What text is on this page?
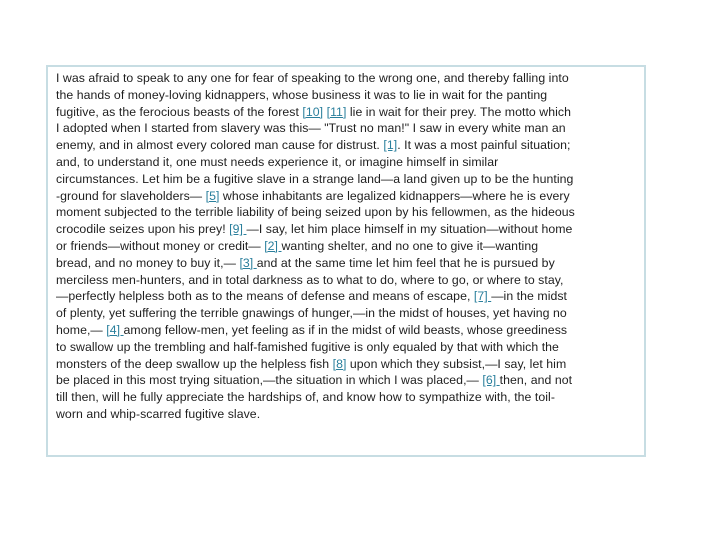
I was afraid to speak to any one for fear of speaking to the wrong one, and thereby falling into
the hands of money-loving kidnappers, whose business it was to lie in wait for the panting
fugitive, as the ferocious beasts of the forest [10] [11] lie in wait for their prey. The motto which
I adopted when I started from slavery was this— "Trust no man!" I saw in every white man an
enemy, and in almost every colored man cause for distrust. [1]. It was a most painful situation;
and, to understand it, one must needs experience it, or imagine himself in similar
circumstances. Let him be a fugitive slave in a strange land—a land given up to be the hunting
-ground for slaveholders— [5] whose inhabitants are legalized kidnappers—where he is every
moment subjected to the terrible liability of being seized upon by his fellowmen, as the hideous
crocodile seizes upon his prey! [9] —I say, let him place himself in my situation—without home
or friends—without money or credit— [2] wanting shelter, and no one to give it—wanting
bread, and no money to buy it,— [3] and at the same time let him feel that he is pursued by
merciless men-hunters, and in total darkness as to what to do, where to go, or where to stay,
—perfectly helpless both as to the means of defense and means of escape, [7] —in the midst
of plenty, yet suffering the terrible gnawings of hunger,—in the midst of houses, yet having no
home,— [4] among fellow-men, yet feeling as if in the midst of wild beasts, whose greediness
to swallow up the trembling and half-famished fugitive is only equaled by that with which the
monsters of the deep swallow up the helpless fish [8] upon which they subsist,—I say, let him
be placed in this most trying situation,—the situation in which I was placed,— [6] then, and not
till then, will he fully appreciate the hardships of, and know how to sympathize with, the toil-
worn and whip-scarred fugitive slave.
